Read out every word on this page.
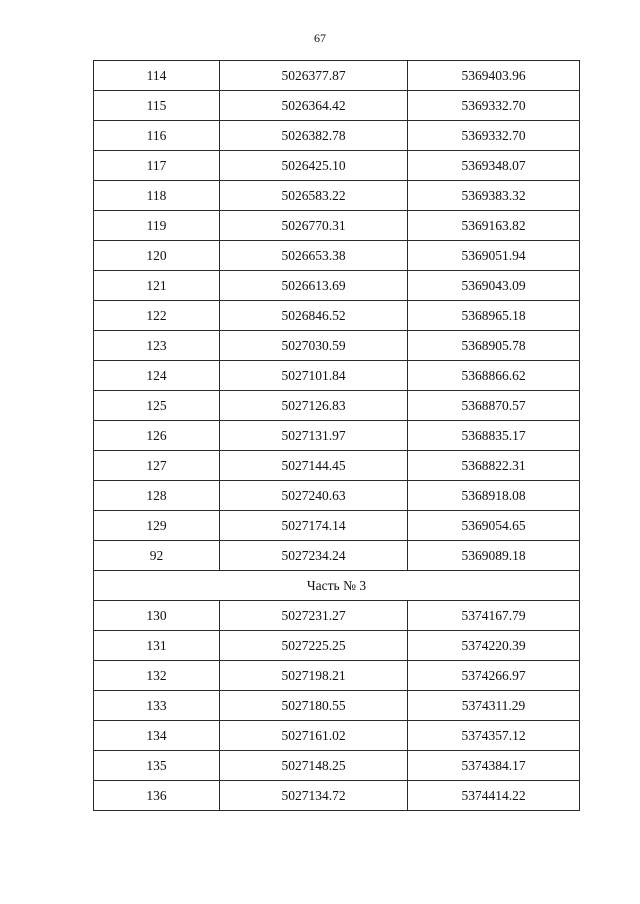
67
114	5026377.87	5369403.96
115	5026364.42	5369332.70
116	5026382.78	5369332.70
117	5026425.10	5369348.07
118	5026583.22	5369383.32
119	5026770.31	5369163.82
120	5026653.38	5369051.94
121	5026613.69	5369043.09
122	5026846.52	5368965.18
123	5027030.59	5368905.78
124	5027101.84	5368866.62
125	5027126.83	5368870.57
126	5027131.97	5368835.17
127	5027144.45	5368822.31
128	5027240.63	5368918.08
129	5027174.14	5369054.65
92	5027234.24	5369089.18
Часть № 3		
130	5027231.27	5374167.79
131	5027225.25	5374220.39
132	5027198.21	5374266.97
133	5027180.55	5374311.29
134	5027161.02	5374357.12
135	5027148.25	5374384.17
136	5027134.72	5374414.22
